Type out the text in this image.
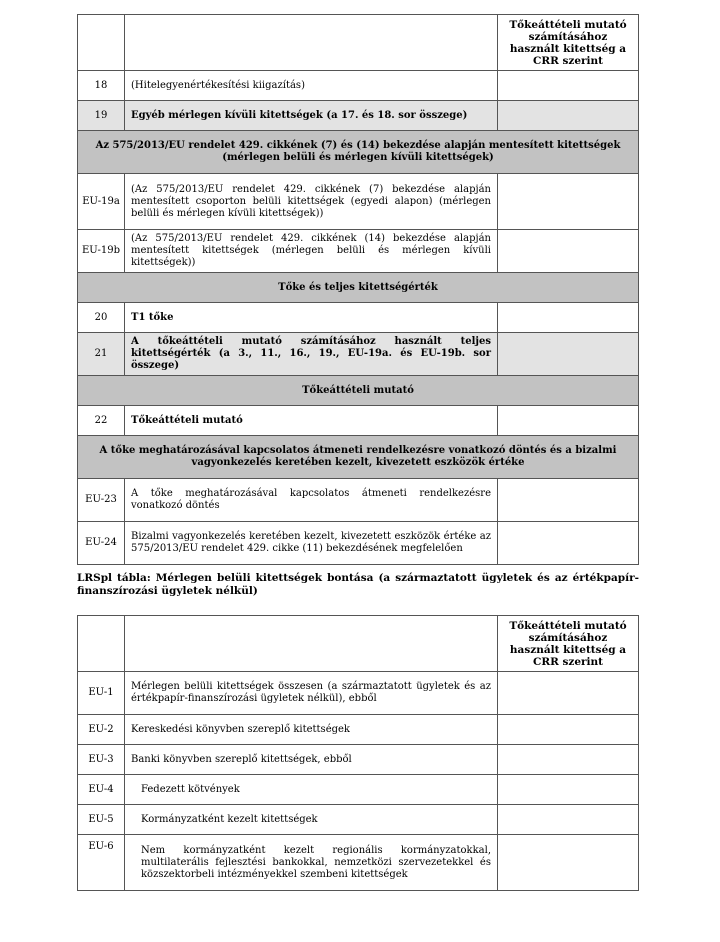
		Tőkeáttételi mutató számításához használt kitettség a CRR szerint
18	(Hitelegyenértékesítési kiigazítás)	
19	Egyéb mérlegen kívüli kitettségek (a 17. és 18. sor összege)	
Az 575/2013/EU rendelet 429. cikkének (7) és (14) bekezdése alapján mentesített kitettségek (mérlegen belüli és mérlegen kívüli kitettségek)		
EU-19a	(Az 575/2013/EU rendelet 429. cikkének (7) bekezdése alapján mentesített csoporton belüli kitettségek (egyedi alapon) (mérlegen belüli és mérlegen kívüli kitettségek))	
EU-19b	(Az 575/2013/EU rendelet 429. cikkének (14) bekezdése alapján mentesített kitettségek (mérlegen belüli és mérlegen kívüli kitettségek))	
Tőke és teljes kitettségérték		
20	T1 tőke	
21	A tőkeáttételi mutató számításához használt teljes kitettségérték (a 3., 11., 16., 19., EU-19a. és EU-19b. sor összege)	
Tőkeáttételi mutató		
22	Tőkeáttételi mutató	
A tőke meghatározásával kapcsolatos átmeneti rendelkezésre vonatkozó döntés és a bizalmi vagyonkezelés keretében kezelt, kivezetett eszközök értéke		
EU-23	A tőke meghatározásával kapcsolatos átmeneti rendelkezésre vonatkozó döntés	
EU-24	Bizalmi vagyonkezelés keretében kezelt, kivezetett eszközök értéke az 575/2013/EU rendelet 429. cikke (11) bekezdésének megfelelően	
LRSpl tábla: Mérlegen belüli kitettségek bontása (a származtatott ügyletek és az értékpapír-finanszírozási ügyletek nélkül)
		Tőkeáttételi mutató számításához használt kitettség a CRR szerint
EU-1	Mérlegen belüli kitettségek összesen (a származtatott ügyletek és az értékpapír-finanszírozási ügyletek nélkül), ebből	
EU-2	Kereskedési könyvben szereplő kitettségek	
EU-3	Banki könyvben szereplő kitettségek, ebből	
EU-4	Fedezett kötvények	
EU-5	Kormányzatként kezelt kitettségek	
EU-6	Nem kormányzatként kezelt regionális kormányzatokkal, multilaterális fejlesztési bankokkal, nemzetközi szervezetekkel és közszektorbeli intézményekkel szembeni kitettségek	
